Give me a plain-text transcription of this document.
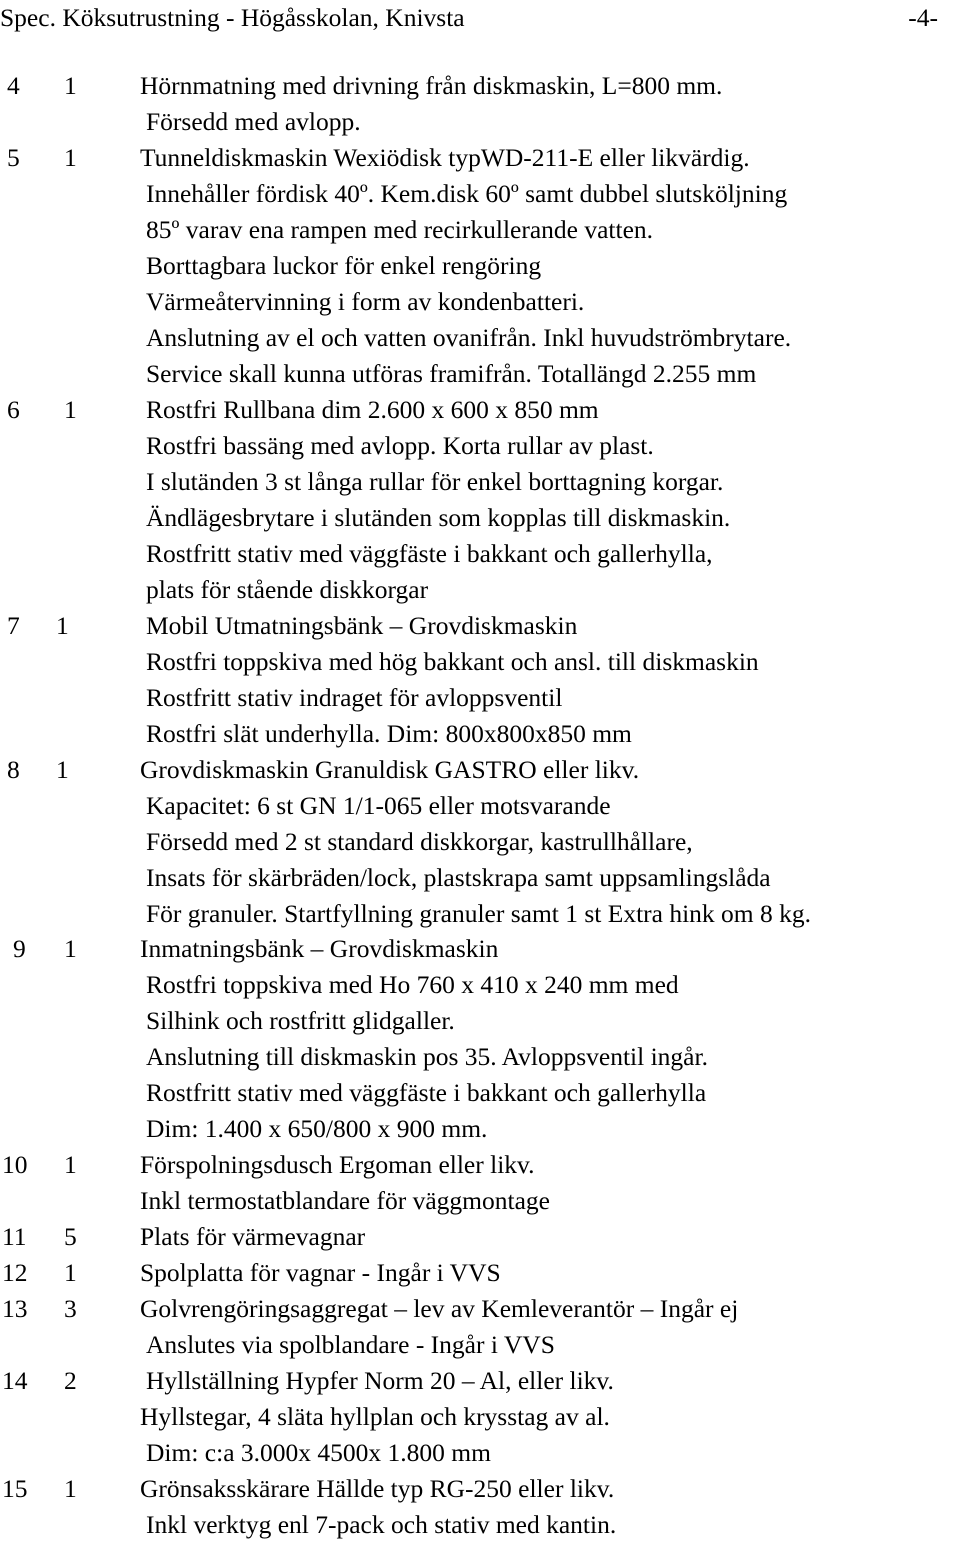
Spec. Köksutrustning - Högåsskolan, Knivsta	-4-
4 1 Hörnmatning med drivning från diskmaskin, L=800 mm.
Försedd med avlopp.
5 1 Tunneldiskmaskin Wexiödisk typWD-211-E eller likvärdig.
Innehåller fördisk 40º. Kem.disk 60º samt dubbel slutsköljning
85º varav ena rampen med recirkullerande vatten.
Borttagbara luckor för enkel rengöring
Värmeåtervinning i form av kondenbatteri.
Anslutning av el och vatten ovanifrån. Inkl huvudströmbrytare.
Service skall kunna utföras framifrån. Totallängd 2.255 mm
6 1	Rostfri Rullbana dim 2.600 x 600 x 850 mm
Rostfri bassäng med avlopp. Korta rullar av plast.
I slutänden 3 st långa rullar för enkel borttagning korgar.
Ändlägesbrytare i slutänden som kopplas till diskmaskin.
Rostfritt stativ med väggfäste i bakkant och gallerhylla,
plats för stående diskkorgar
7 1	Mobil Utmatningsbänk – Grovdiskmaskin
Rostfri toppskiva med hög bakkant och ansl. till diskmaskin
Rostfritt stativ indraget för avloppsventil
Rostfri slät underhylla. Dim: 800x800x850 mm
8 1	Grovdiskmaskin Granuldisk GASTRO eller likv.
Kapacitet: 6 st GN 1/1-065 eller motsvarande
Försedd med 2 st standard diskkorgar, kastrullhållare,
Insats för skärbräden/lock, plastskrapa samt uppsamlingslåda
För granuler. Startfyllning granuler samt 1 st Extra hink om 8 kg.
9 1 Inmatningsbänk – Grovdiskmaskin
Rostfri toppskiva med Ho 760 x 410 x 240 mm med
Silhink och rostfritt glidgaller.
Anslutning till diskmaskin pos 35. Avloppsventil ingår.
Rostfritt stativ med väggfäste i bakkant och gallerhylla
Dim: 1.400 x 650/800 x 900 mm.
10 1 Förspolningsdusch Ergoman eller likv.
Inkl termostatblandare för väggmontage
11 5 Plats för värmevagnar
12 1 Spolplatta för vagnar - Ingår i VVS
13 3 Golvrengöringsaggregat – lev av Kemleverantör – Ingår ej
Anslutes via spolblandare - Ingår i VVS
14 2	Hyllställning Hypfer Norm 20 – Al, eller likv.
Hyllstegar, 4 släta hyllplan och krysstag av al.
Dim: c:a 3.000x 4500x 1.800 mm
15 1 Grönsaksskärare Hällde typ RG-250 eller likv.
Inkl verktyg enl 7-pack och stativ med kantin.
